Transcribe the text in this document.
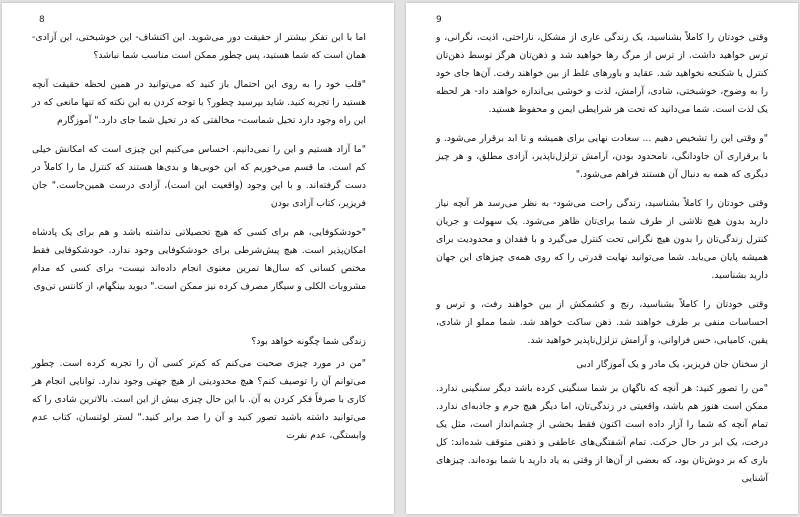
8

اما با این تفکر بیشتر از حقیقت دور می‌شوید. این اکتشاف- این خوشبختی، این آزادی- همان است که شما هستید، پس چطور ممکن است مناسب شما نباشد؟

"قلب خود را به روی این احتمال باز کنید که می‌توانید در همین لحظه حقیقت آنچه هستید را تجربه کنید. شاید بپرسید چطور؟ با توجه کردن به این نکته که تنها مانعی که در این راه وجود دارد تخیل شماست- مخالفتی که در تخیل شما جای دارد." آموزگارم

"ما آزاد هستیم و این را نمی‌دانیم. احساس می‌کنیم این چیزی است که امکانش خیلی کم است. ما قسم می‌خوریم که این خوبی‌ها و بدی‌ها هستند که کنترل ما را کاملاً در دست گرفته‌اند. و با این وجود (واقعیت این است)، آزادی درست همین‌جاست." جان فریزیر، کتاب آزادی بودن

"خودشکوفایی، هم برای کسی که هیچ تحصیلاتی نداشته باشد و هم برای یک پادشاه امکان‌پذیر است. هیچ پیش‌شرطی برای خودشکوفایی وجود ندارد. خودشکوفایی فقط مختص کسانی که سال‌ها تمرین معنوی انجام داده‌اند نیست- برای کسی که مدام مشروبات الکلی و سیگار مصرف کرده نیز ممکن است." دیوید بینگهام، از کانتس تی‌وی

زندگی شما چگونه خواهد بود؟

"من در مورد چیزی صحبت می‌کنم که کم‌تر کسی آن را تجربه کرده است. چطور می‌توانم آن را توصیف کنم؟ هیچ محدودیتی از هیچ جهتی وجود ندارد. توانایی انجام هر کاری با صرفاً فکر کردن به آن. با این حال چیزی بیش از این است. بالاترین شادی را که می‌توانید داشته باشید تصور کنید و آن را صد برابر کنید." لستر لوئنسان، کتاب عدم وابستگی، عدم نفرت

9

وقتی خودتان را کاملاً بشناسید، یک زندگی عاری از مشکل، ناراحتی، اذیت، نگرانی، و ترس خواهید داشت. از ترس از مرگ رها خواهید شد و ذهن‌تان هرگز توسط ذهن‌تان کنترل یا شکنجه نخواهید شد. عقاید و باورهای غلط از بین خواهند رفت. آن‌ها جای خود را به وضوح، خوشبختی، شادی، آرامش، لذت و خوشی بی‌اندازه خواهند داد- هر لحظه یک لذت است. شما می‌دانید که تحت هر شرایطی ایمن و محفوظ هستید.

"و وقتی این را تشخیص دهیم ... سعادت نهایی برای همیشه و تا ابد برقرار می‌شود. و با برقراری آن جاودانگی، نامحدود بودن، آرامش تزلزل‌ناپذیر، آزادی مطلق، و هر چیز دیگری که همه به دنبال آن هستند فراهم می‌شود."

وقتی خودتان را کاملاً بشناسید، زندگی راحت می‌شود- به نظر می‌رسد هر آنچه نیاز دارید بدون هیچ تلاشی از طرف شما برای‌تان ظاهر می‌شود. یک سهولت و جریان کنترل زندگی‌تان را بدون هیچ نگرانی تحت کنترل می‌گیرد و با فقدان و محدودیت برای همیشه پایان می‌یابد. شما می‌توانید نهایت قدرتی را که روی همه‌ی چیزهای این جهان دارید بشناسید.

وقتی خودتان را کاملاً بشناسید، رنج و کشمکش از بین خواهند رفت، و ترس و احساسات منفی بر طرف خواهند شد. ذهن ساکت خواهد شد. شما مملو از شادی، یقین، کامیابی، حس فراوانی، و آرامش تزلزل‌ناپذیر خواهید شد.

از سخنان جان فریزیر، یک مادر و یک آموزگار ادبی

"من را تصور کنید: هر آنچه که ناگهان بر شما سنگینی کرده باشد دیگر سنگینی ندارد. ممکن است هنوز هم باشد، واقعیتی در زندگی‌تان، اما دیگر هیچ جرم و جاذبه‌ای ندارد. تمام آنچه که شما را آزار داده است اکنون فقط بخشی از چشم‌انداز است، مثل یک درخت، یک ابر در حال حرکت. تمام آشفتگی‌های عاطفی و ذهنی متوقف شده‌اند: کل باری که بر دوش‌تان بود، که بعضی از آن‌ها از وقتی به یاد دارید با شما بوده‌اند. چیزهای آشنایی
